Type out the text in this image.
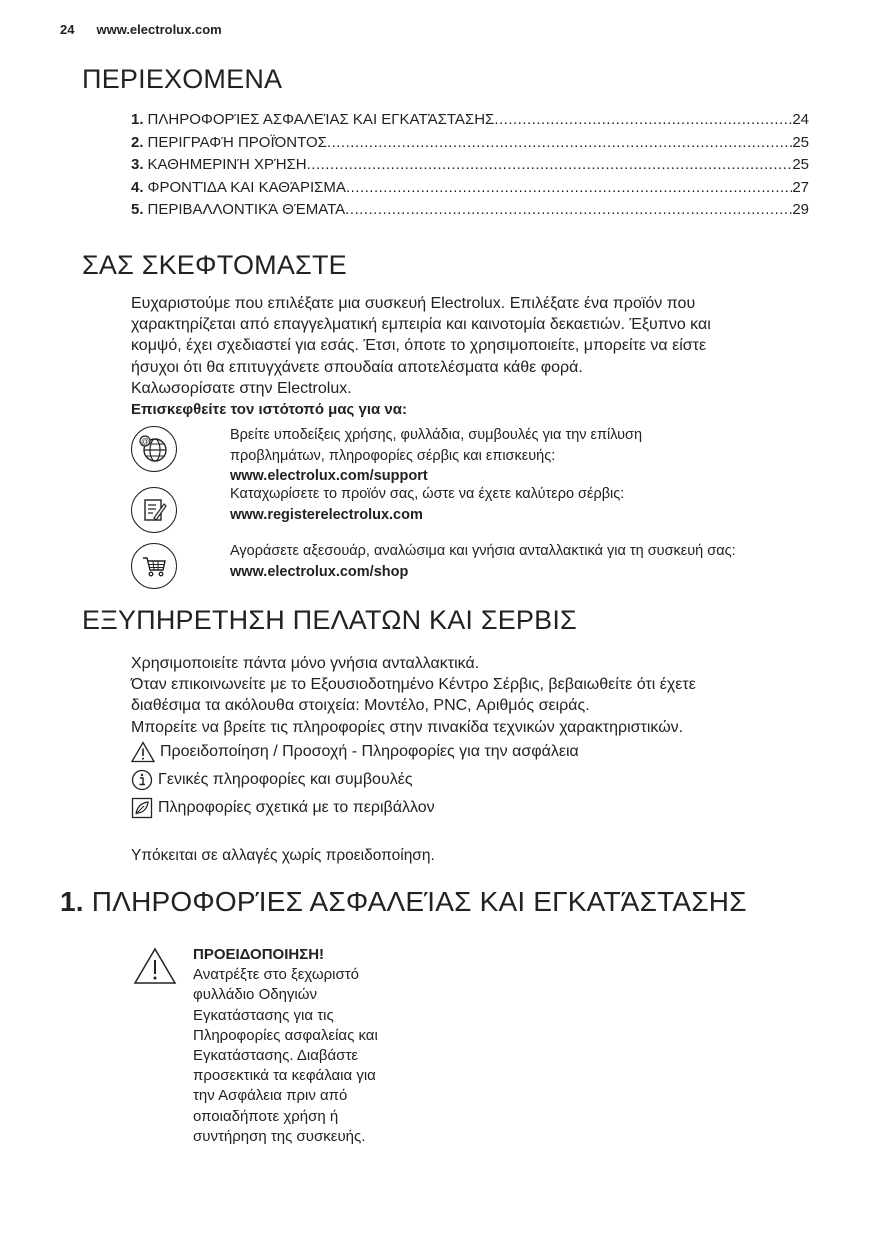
24 www.electrolux.com
ΠΕΡΙΕΧΟΜΕΝΑ
1. ΠΛΗΡΟΦΟΡΊΕΣ ΑΣΦΑΛΕΊΑΣ ΚΑΙ ΕΓΚΑΤΆΣΤΑΣΗΣ .....	24
2. ΠΕΡΙΓΡΑΦΉ ΠΡΟΪΌΝΤΟΣ .....	25
3. ΚΑΘΗΜΕΡΙΝΉ ΧΡΉΣΗ .....	25
4. ΦΡΟΝΤΊΔΑ ΚΑΙ ΚΑΘΆΡΙΣΜΑ .....	27
5. ΠΕΡΙΒΑΛΛΟΝΤΙΚΆ ΘΈΜΑΤΑ .....	29
ΣΑΣ ΣΚΕΦΤΟΜΑΣΤΕ
Ευχαριστούμε που επιλέξατε μια συσκευή Electrolux. Επιλέξατε ένα προϊόν που
χαρακτηρίζεται από επαγγελματική εμπειρία και καινοτομία δεκαετιών. Έξυπνο και
κομψό, έχει σχεδιαστεί για εσάς. Έτσι, όποτε το χρησιμοποιείτε, μπορείτε να είστε
ήσυχοι ότι θα επιτυγχάνετε σπουδαία αποτελέσματα κάθε φορά.
Καλωσορίσατε στην Electrolux.
Επισκεφθείτε τον ιστότοπό μας για να:
@	Βρείτε υποδείξεις χρήσης, φυλλάδια, συμβουλές για την επίλυση
προβλημάτων, πληροφορίες σέρβις και επισκευής:
www.electrolux.com/support
Καταχωρίσετε το προϊόν σας, ώστε να έχετε καλύτερο σέρβις:
www.registerelectrolux.com
Αγοράσετε αξεσουάρ, αναλώσιμα και γνήσια ανταλλακτικά για τη συσκευή σας:
www.electrolux.com/shop
ΕΞΥΠΗΡΕΤΗΣΗ ΠΕΛΑΤΩΝ ΚΑΙ ΣΕΡΒΙΣ
Χρησιμοποιείτε πάντα μόνο γνήσια ανταλλακτικά.
Όταν επικοινωνείτε με το Εξουσιοδοτημένο Κέντρο Σέρβις, βεβαιωθείτε ότι έχετε
διαθέσιμα τα ακόλουθα στοιχεία: Μοντέλο, PNC, Αριθμός σειράς.
Μπορείτε να βρείτε τις πληροφορίες στην πινακίδα τεχνικών χαρακτηριστικών.
Προειδοποίηση / Προσοχή - Πληροφορίες για την ασφάλεια
Γενικές πληροφορίες και συμβουλές
Πληροφορίες σχετικά με το περιβάλλον
Υπόκειται σε αλλαγές χωρίς προειδοποίηση.
1. ΠΛΗΡΟΦΟΡΊΕΣ ΑΣΦΑΛΕΊΑΣ ΚΑΙ ΕΓΚΑΤΆΣΤΑΣΗΣ
ΠΡΟΕΙΔΟΠΟΙΗΣΗ!
Ανατρέξτε στο ξεχωριστό
φυλλάδιο Οδηγιών
Εγκατάστασης για τις
Πληροφορίες ασφαλείας και
Εγκατάστασης. Διαβάστε
προσεκτικά τα κεφάλαια για
την Ασφάλεια πριν από
οποιαδήποτε χρήση ή
συντήρηση της συσκευής.
